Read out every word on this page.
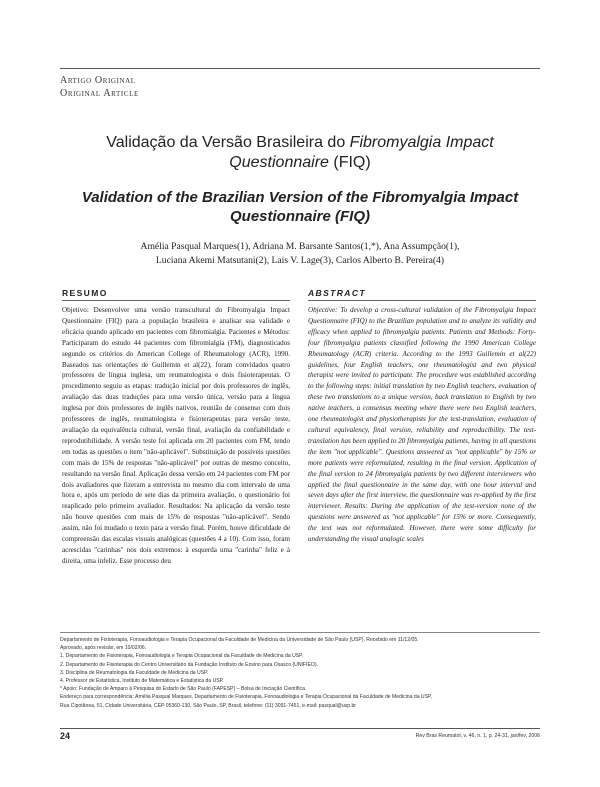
Artigo Original
Original Article
Validação da Versão Brasileira do Fibromyalgia Impact Questionnaire (FIQ)
Validation of the Brazilian Version of the Fibromyalgia Impact Questionnaire (FIQ)
Amélia Pasqual Marques(1), Adriana M. Barsante Santos(1,*), Ana Assumpção(1),
Luciana Akemi Matsutani(2), Lais V. Lage(3), Carlos Alberto B. Pereira(4)
RESUMO
Objetivo: Desenvolver uma versão transcultural do Fibromyalgia Impact Questionnaire (FIQ) para a população brasileira e analisar sua validade e eficácia quando aplicado em pacientes com fibromialgia. Pacientes e Métodos: Participaram do estudo 44 pacientes com fibromialgia (FM), diagnosticados segundo os critérios do American College of Rheumatology (ACR), 1990. Baseados nas orientações de Guillemin et al(22), foram convidados quatro professores de língua inglesa, um reumatologista e dois fisioterapeutas. O procedimento seguiu as etapas: tradução inicial por dois professores de inglês, avaliação das duas traduções para uma versão única, versão para a língua inglesa por dois professores de inglês nativos, reunião de consenso com dois professores de inglês, reumatologista e fisioterapeutas para versão teste, avaliação da equivalência cultural, versão final, avaliação da confiabilidade e reprodutibilidade. A versão teste foi aplicada em 20 pacientes com FM, tendo em todas as questões o item "não-aplicável". Substituição de possíveis questões com mais de 15% de respostas "não-aplicável" por outras de mesmo conceito, resultando na versão final. Aplicação dessa versão em 24 pacientes com FM por dois avaliadores que fizeram a entrevista no mesmo dia com intervalo de uma hora e, após um período de sete dias da primeira avaliação, o questionário foi reaplicado pelo primeiro avaliador. Resultados: Na aplicação da versão teste não houve questões com mais de 15% de respostas "não-aplicável". Sendo assim, não foi mudado o texto para a versão final. Porém, houve dificuldade de compreensão das escalas visuais analógicas (questões 4 a 10). Com isso, foram acrescidas "carinhas" nos dois extremos: à esquerda uma "carinha" feliz e à direita, uma infeliz. Esse processo deu
ABSTRACT
Objective: To develop a cross-cultural validation of the Fibromyalgia Impact Questionnaire (FIQ) to the Brazilian population and to analyze its validity and efficacy when applied to fibromyalgia patients. Patients and Methods: Forty-four fibromyalgia patients classified following the 1990 American College Rheumatology (ACR) criteria. According to the 1993 Guillemin et al(22) guidelines, four English teachers, one rheumatologist and two physical therapist were invited to participate. The procedure was established according to the following steps: initial translation by two English teachers, evaluation of these two translations to a unique version, back translation to English by two native teachers, a consensus meeting where there were two English teachers, one rheumatologist and physiotherapists for the test-translation, evaluation of cultural equivalency, final version, reliability and reproducibility. The test-translation has been applied to 20 fibromyalgia patients, having in all questions the item "not applicable". Questions answered as "not applicable" by 15% or more patients were reformulated, resulting in the final version. Application of the final version to 24 fibromyalgia patients by two different interviewers who applied the final questionnaire in the same day, with one hour interval and seven days after the first interview, the questionnaire was re-applied by the first interviewer. Results: During the application of the test-version none of the questions were answered as "not applicable" for 15% or more. Consequently, the text was not reformulated. However, there were some difficulty for understanding the visual analogic scales
Departamento de Fisioterapia, Fonoaudiologia e Terapia Ocupacional da Faculdade de Medicina da Universidade de São Paulo (USP). Recebido em 11/12/05.
Aprovado, após revisão, em 10/02/06.
1. Departamento de Fisioterapia, Fonoaudiologia e Terapia Ocupacional da Faculdade de Medicina da USP.
2. Departamento de Fisioterapia do Centro Universitário da Fundação Instituto de Ensino para Osasco (UNIFIEO).
3. Disciplina de Reumatologia da Faculdade de Medicina da USP.
4. Professor de Estatística, Instituto de Matemática e Estatística da USP.
* Apoio: Fundação de Amparo à Pesquisa do Estado de São Paulo (FAPESP) – Bolsa de Iniciação Científica.
Endereço para correspondência: Amélia Pasqual Marques, Departamento de Fisioterapia, Fonoaudiologia e Terapia Ocupacional da Faculdade de Medicina da USP,
Rua Cipotânea, 51, Cidade Universitária, CEP 05360-130, São Paulo, SP, Brasil, telefone: (11) 3091-7451, e-mail: pasqual@usp.br
24	Rev Bras Reumatol, v. 46, n. 1, p. 24-31, jan/fev, 2006
